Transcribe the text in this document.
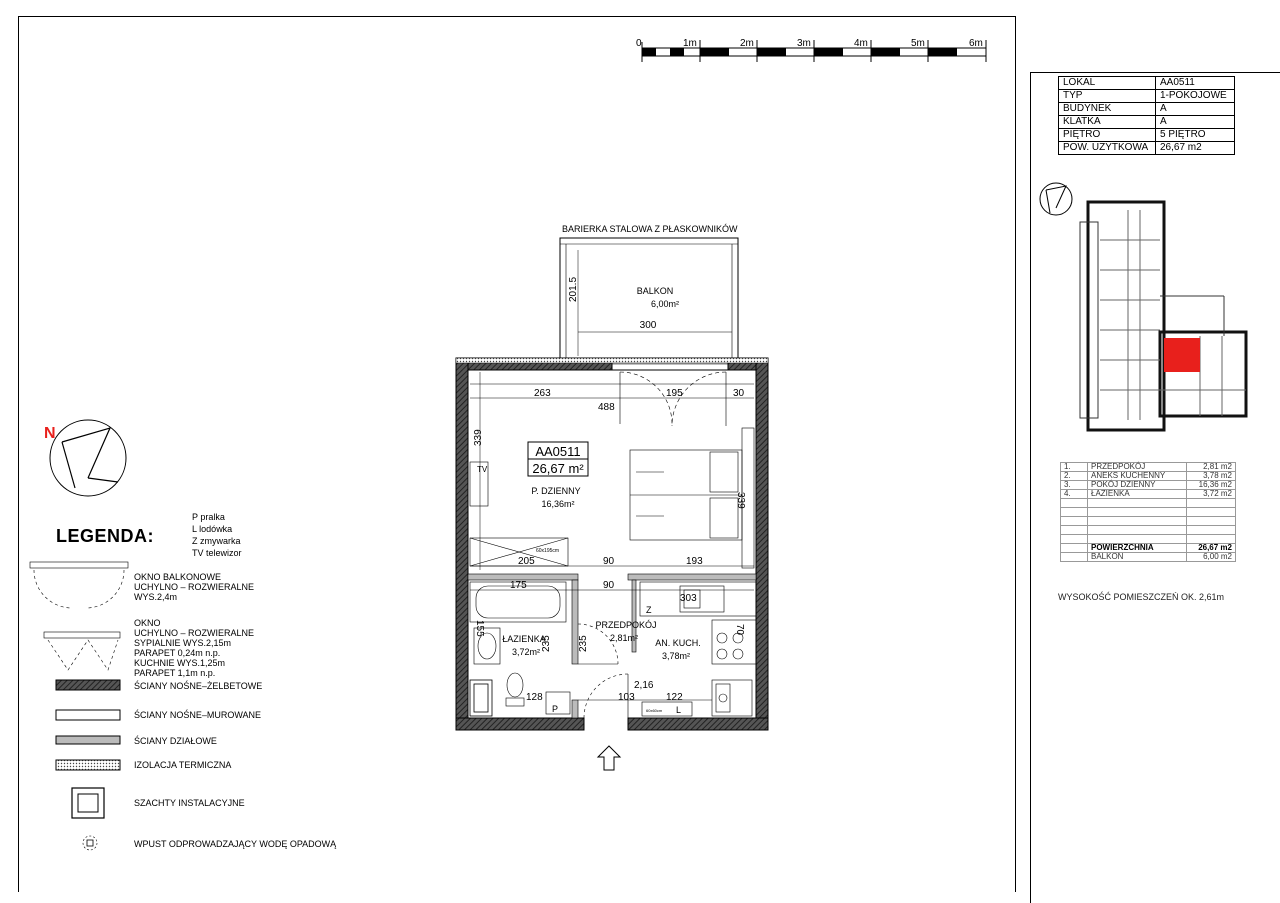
0	1m	2m	3m	4m	5m	6m
BARIERKA STALOWA Z PŁASKOWNIKÓW
BALKON
6,00m²
300
201.5
263
488
195	30
339
339
205	90	193
175	90
303
155
235	235
128	103
2,16
122
70
AA0511
26,67 m²
P. DZIENNY
16,36m²
ŁAZIENKA
3,72m²
PRZEDPOKÓJ
2,81m² AN. KUCH.
3,78m²
TV
60x195cm
P
Z
L
60x60cm
N
LOKAL	AA0511
TYP	1-POKOJOWE
BUDYNEK	A
KLATKA	A
PIĘTRO	5 PIĘTRO
POW. UŻYTKOWA	26,67 m2
1.	PRZEDPOKÓJ	2,81 m2
2.	ANEKS KUCHENNY	3,78 m2
3.	POKÓJ DZIENNY	16,36 m2
4.	ŁAZIENKA	3,72 m2

	POWIERZCHNIA	26,67 m2
	BALKON	6,00 m2
WYSOKOŚĆ POMIESZCZEŃ OK. 2,61m
LEGENDA:
P pralka
L lodówka
Z zmywarka
TV telewizor
OKNO BALKONOWE
UCHYLNO – ROZWIERALNE
WYS.2,4m
OKNO
UCHYLNO – ROZWIERALNE
SYPIALNIE WYS.2,15m
PARAPET 0,24m n.p.
KUCHNIE WYS.1,25m
PARAPET 1,1m n.p.
ŚCIANY NOŚNE–ŻELBETOWE
ŚCIANY NOŚNE–MUROWANE
ŚCIANY DZIAŁOWE
IZOLACJA TERMICZNA
SZACHTY INSTALACYJNE
WPUST ODPROWADZAJĄCY WODĘ OPADOWĄ
